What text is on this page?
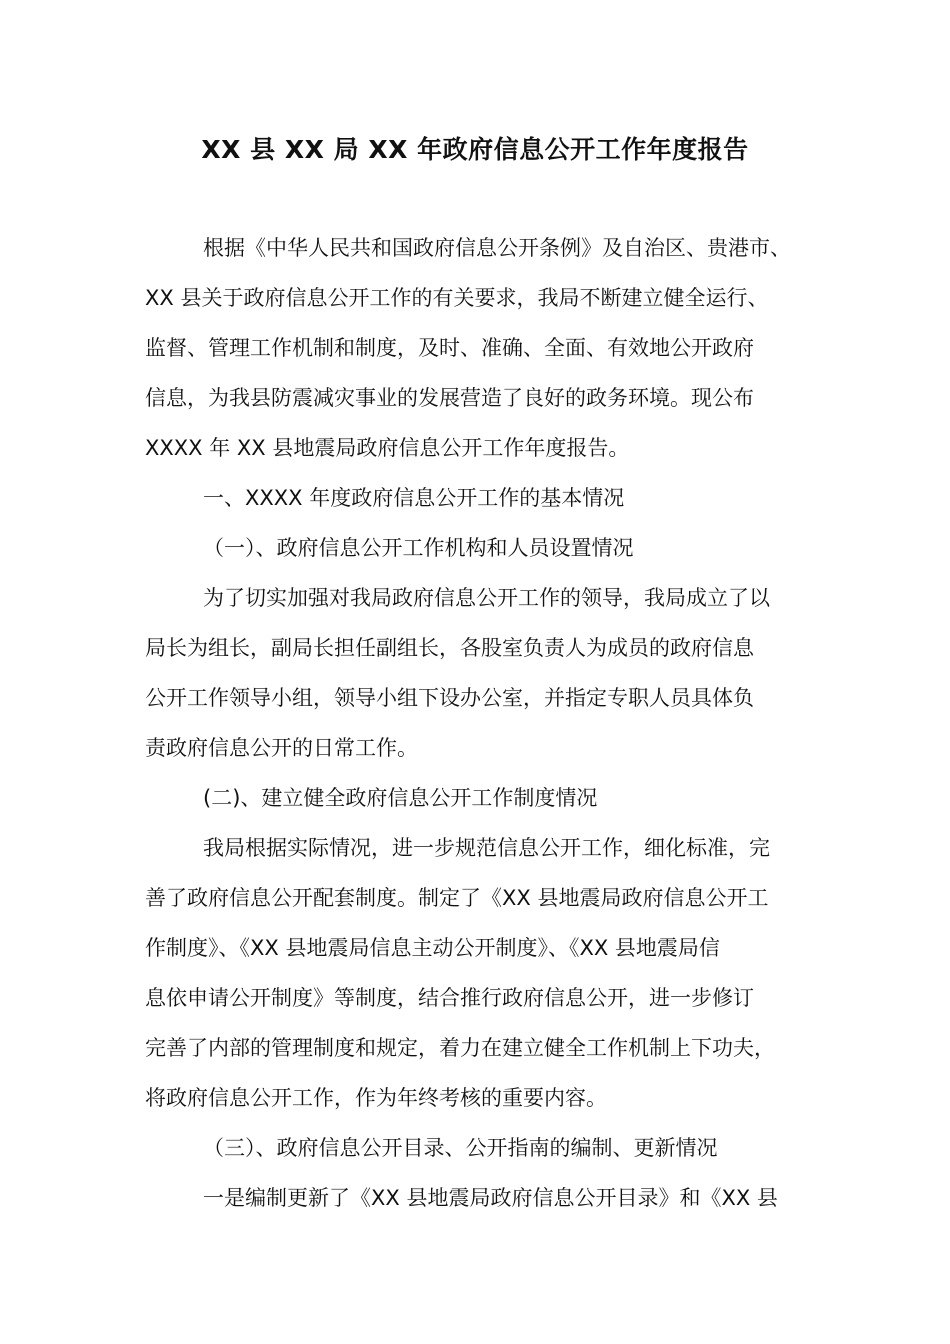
XX 县 XX 局 XX 年政府信息公开工作年度报告
根据《中华人民共和国政府信息公开条例》及自治区、贵港市、
XX 县关于政府信息公开工作的有关要求，我局不断建立健全运行、
监督、管理工作机制和制度，及时、准确、全面、有效地公开政府
信息，为我县防震减灾事业的发展营造了良好的政务环境。现公布
XXXX 年 XX 县地震局政府信息公开工作年度报告。
一、XXXX 年度政府信息公开工作的基本情况
（一）、政府信息公开工作机构和人员设置情况
为了切实加强对我局政府信息公开工作的领导，我局成立了以
局长为组长，副局长担任副组长，各股室负责人为成员的政府信息
公开工作领导小组，领导小组下设办公室，并指定专职人员具体负
责政府信息公开的日常工作。
(二)、建立健全政府信息公开工作制度情况
我局根据实际情况，进一步规范信息公开工作，细化标准，完
善了政府信息公开配套制度。制定了《XX 县地震局政府信息公开工
作制度》、《XX 县地震局信息主动公开制度》、《XX 县地震局信
息依申请公开制度》等制度，结合推行政府信息公开，进一步修订
完善了内部的管理制度和规定，着力在建立健全工作机制上下功夫，
将政府信息公开工作，作为年终考核的重要内容。
（三）、政府信息公开目录、公开指南的编制、更新情况
一是编制更新了《XX 县地震局政府信息公开目录》和《XX 县
